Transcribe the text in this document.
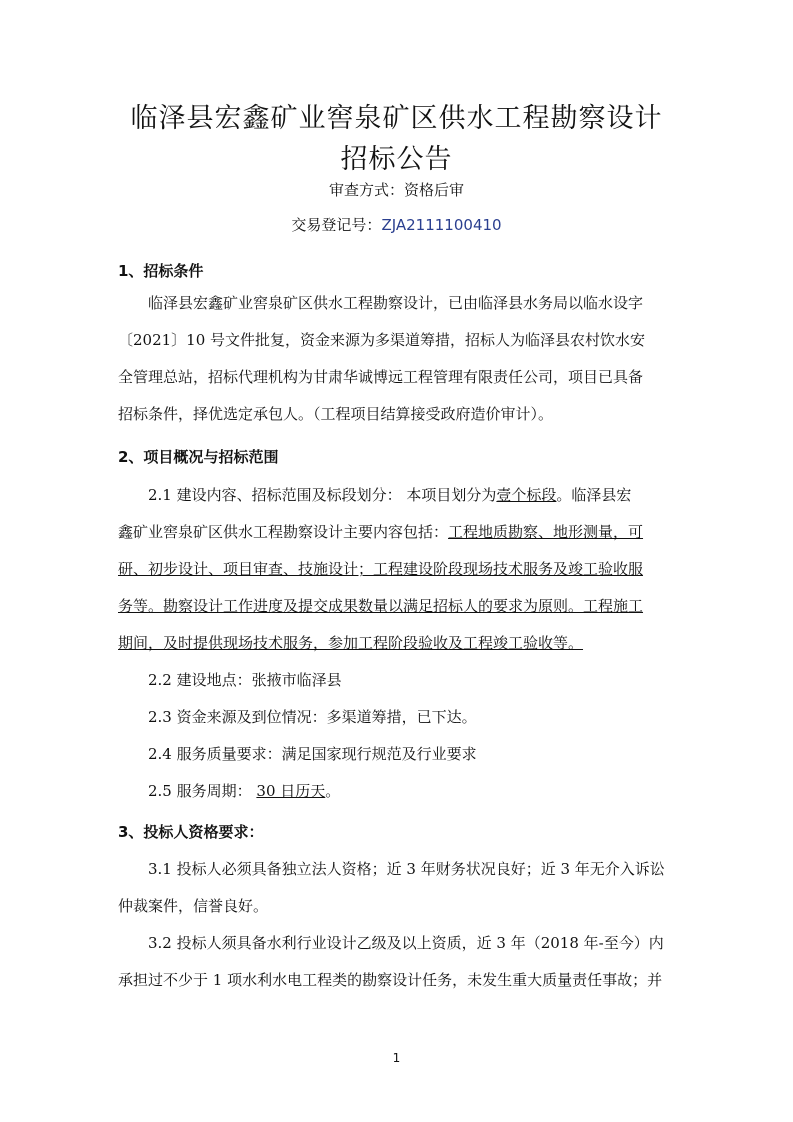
临泽县宏鑫矿业窖泉矿区供水工程勘察设计
招标公告
审查方式：资格后审
交易登记号：ZJA2111100410
1、招标条件
临泽县宏鑫矿业窖泉矿区供水工程勘察设计，已由临泽县水务局以临水设字
〔2021〕10 号文件批复，资金来源为多渠道筹措，招标人为临泽县农村饮水安
全管理总站，招标代理机构为甘肃华诚博远工程管理有限责任公司，项目已具备
招标条件，择优选定承包人。（工程项目结算接受政府造价审计）。
2、项目概况与招标范围
2.1 建设内容、招标范围及标段划分： 本项目划分为壹个标段。临泽县宏
鑫矿业窖泉矿区供水工程勘察设计主要内容包括：工程地质勘察、地形测量，可
研、初步设计、项目审查、技施设计；工程建设阶段现场技术服务及竣工验收服
务等。勘察设计工作进度及提交成果数量以满足招标人的要求为原则。工程施工
期间，及时提供现场技术服务，参加工程阶段验收及工程竣工验收等。
2.2 建设地点：张掖市临泽县
2.3 资金来源及到位情况：多渠道筹措，已下达。
2.4 服务质量要求：满足国家现行规范及行业要求
2.5 服务周期： 30 日历天。
3、投标人资格要求：
3.1 投标人必须具备独立法人资格；近 3 年财务状况良好；近 3 年无介入诉讼
仲裁案件，信誉良好。
3.2 投标人须具备水利行业设计乙级及以上资质，近 3 年（2018 年-至今）内
承担过不少于 1 项水利水电工程类的勘察设计任务，未发生重大质量责任事故；并
1
